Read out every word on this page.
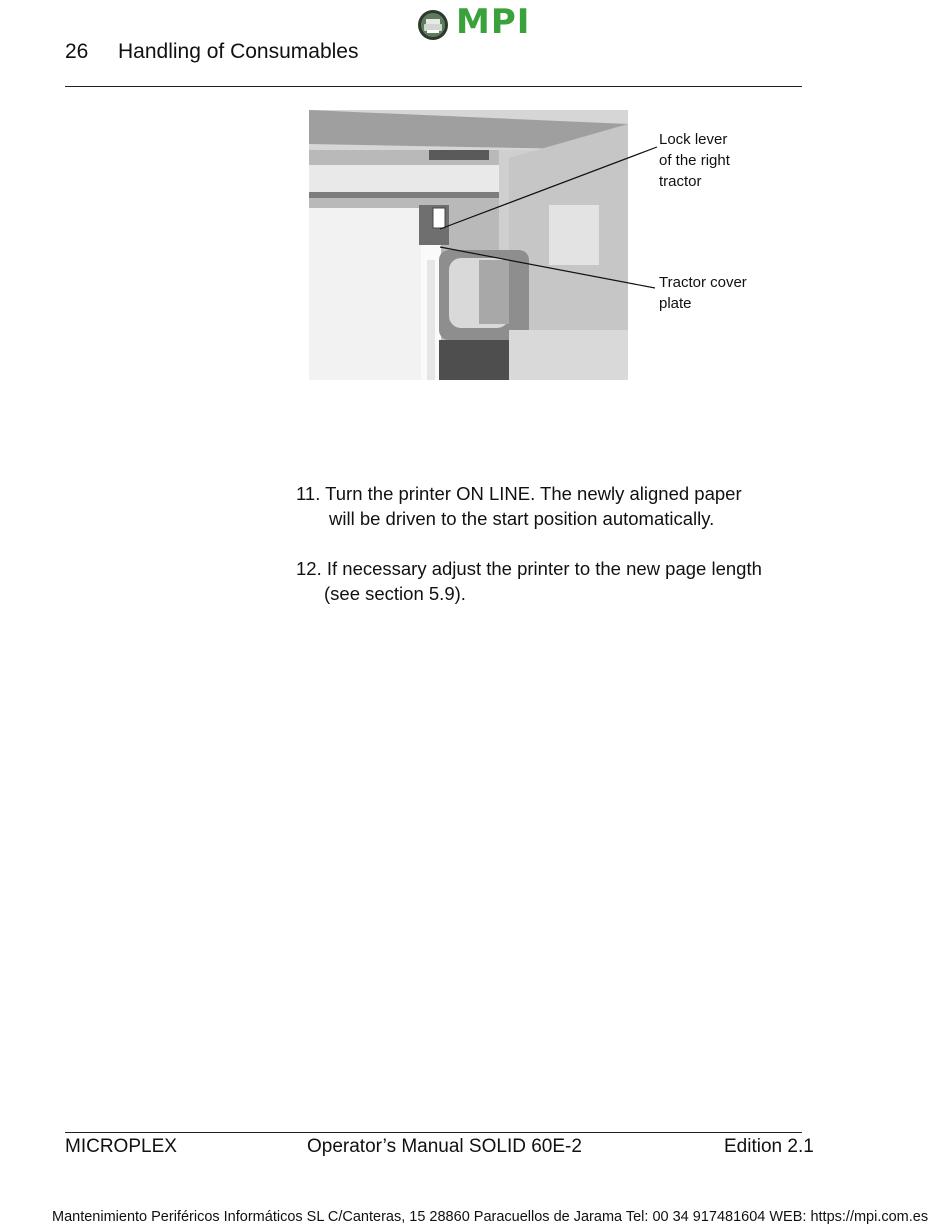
MPI
26 Handling of Consumables
Lock lever
of the right
tractor
Tractor cover
plate
11. Turn the printer ON LINE. The newly aligned paper
will be driven to the start position automatically.
12. If necessary adjust the printer to the new page length
(see section 5.9).
MICROPLEX	Operator’s Manual SOLID 60E-2	Edition 2.1
Mantenimiento Periféricos Informáticos SL C/Canteras, 15 28860 Paracuellos de Jarama Tel: 00 34 917481604 WEB: https://mpi.com.es
